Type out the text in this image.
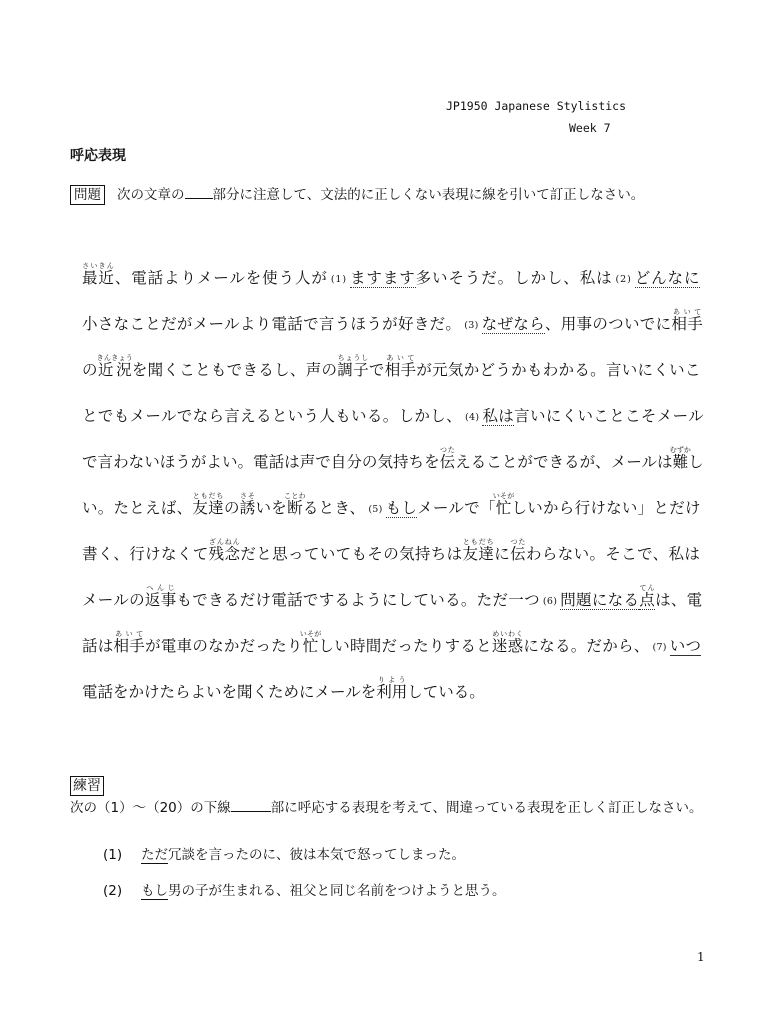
JP1950 Japanese Stylistics
Week 7
呼応表現
問題 次の文章の 部分に注意して、文法的に正しくない表現に線を引いて訂正しなさい。
最近さいきん、電話よりメールを使う人が (1) ますます多いそうだ。しかし、私は (2) どんなに
小さなことだがメールより電話で言うほうが好きだ。 (3) なぜなら、用事のついでに相手あいて
の近況きんきょうを聞くこともできるし、声の調子ちょうしで相手あいてが元気かどうかもわかる。言いにくいこ
とでもメールでなら言えるという人もいる。しかし、 (4) 私は言いにくいことこそメール
で言わないほうがよい。電話は声で自分の気持ちを伝つたえることができるが、メールは難むずかし
い。たとえば、友達ともだちの誘さそいを断ことわるとき、 (5) もしメールで「忙いそがしいから行けない」とだけ
書く、行けなくて残念ざんねんだと思っていてもその気持ちは友達ともだちに伝つたわらない。そこで、私は
メールの返事へんじもできるだけ電話でするようにしている。ただ一つ (6) 問題になる点てんは、電
話は相手あいてが電車のなかだったり忙いそがしい時間だったりすると迷惑めいわくになる。だから、 (7) いつ
電話をかけたらよいを聞くためにメールを利用りようしている。
練習
次の（1）～（20）の下線	部に呼応する表現を考えて、間違っている表現を正しく訂正しなさい。
(1) ただ冗談を言ったのに、彼は本気で怒ってしまった。
(2) もし男の子が生まれる、祖父と同じ名前をつけようと思う。
1
